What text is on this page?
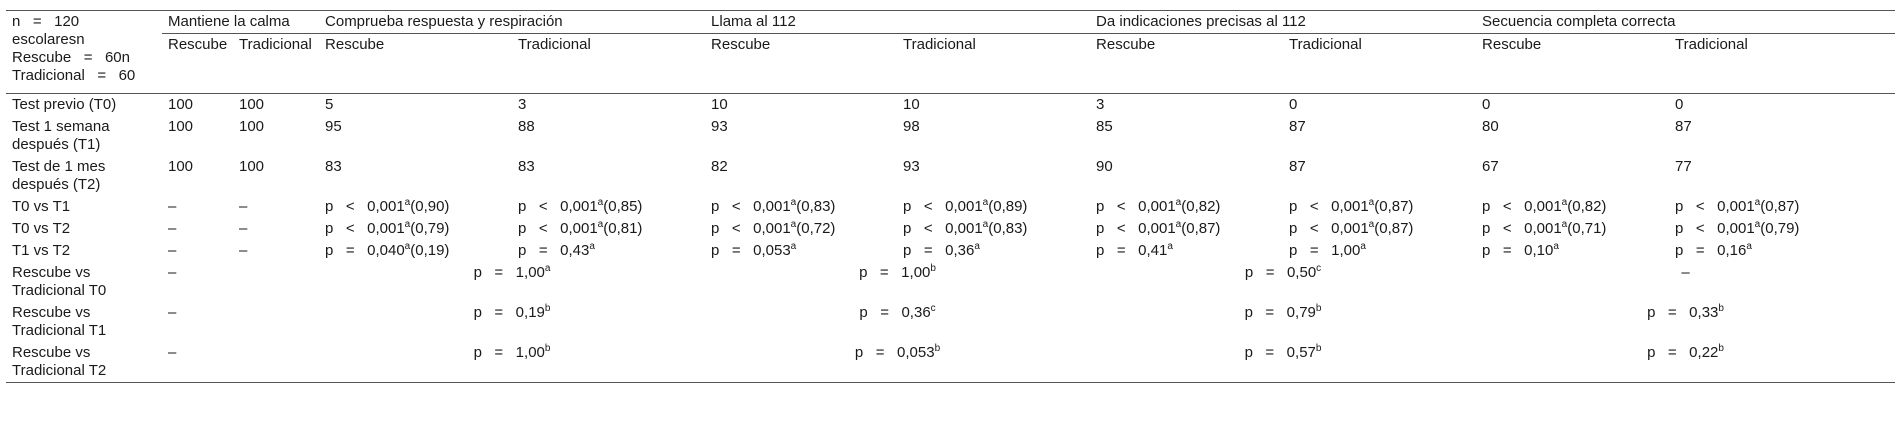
n   =   120
escolaresn
Rescube   =   60n
Tradicional   =   60	Mantiene la calma		Comprueba respuesta y respiración		Llama al 112		Da indicaciones precisas al 112		Secuencia completa correcta	
	Rescube	Tradicional	Rescube	Tradicional	Rescube	Tradicional	Rescube	Tradicional	Rescube	Tradicional
Test previo (T0)	100	100	5	3	10	10	3	0	0	0
Test 1 semana después (T1)	100	100	95	88	93	98	85	87	80	87
Test de 1 mes después (T2)	100	100	83	83	82	93	90	87	67	77
T0 vs T1	–	–	p   <   0,001$^a$(0,90)	p   <   0,001$^a$(0,85)	p   <   0,001$^a$(0,83)	p   <   0,001$^a$(0,89)	p   <   0,001$^a$(0,82)	p   <   0,001$^a$(0,87)	p   <   0,001$^a$(0,82)	p   <   0,001$^a$(0,87)
T0 vs T2	–	–	p   <   0,001$^a$(0,79)	p   <   0,001$^a$(0,81)	p   <   0,001$^a$(0,72)	p   <   0,001$^a$(0,83)	p   <   0,001$^a$(0,87)	p   <   0,001$^a$(0,87)	p   <   0,001$^a$(0,71)	p   <   0,001$^a$(0,79)
T1 vs T2	–	–	p   =   0,040$^a$(0,19)	p   =   0,43$^a$	p   =   0,053$^a$	p   =   0,36$^a$	p   =   0,41$^a$	p   =   1,00$^a$	p   =   0,10$^a$	p   =   0,16$^a$
Rescube vs Tradicional T0	–		p   =   1,00$^a$		p   =   1,00$^b$		p   =   0,50$^c$		–	
Rescube vs Tradicional T1	–		p   =   0,19$^b$		p   =   0,36$^c$		p   =   0,79$^b$		p   =   0,33$^b$
Rescube vs Tradicional T2	–		p   =   1,00$^b$		p   =   0,053$^b$		p   =   0,57$^b$		p   =   0,22$^b$
